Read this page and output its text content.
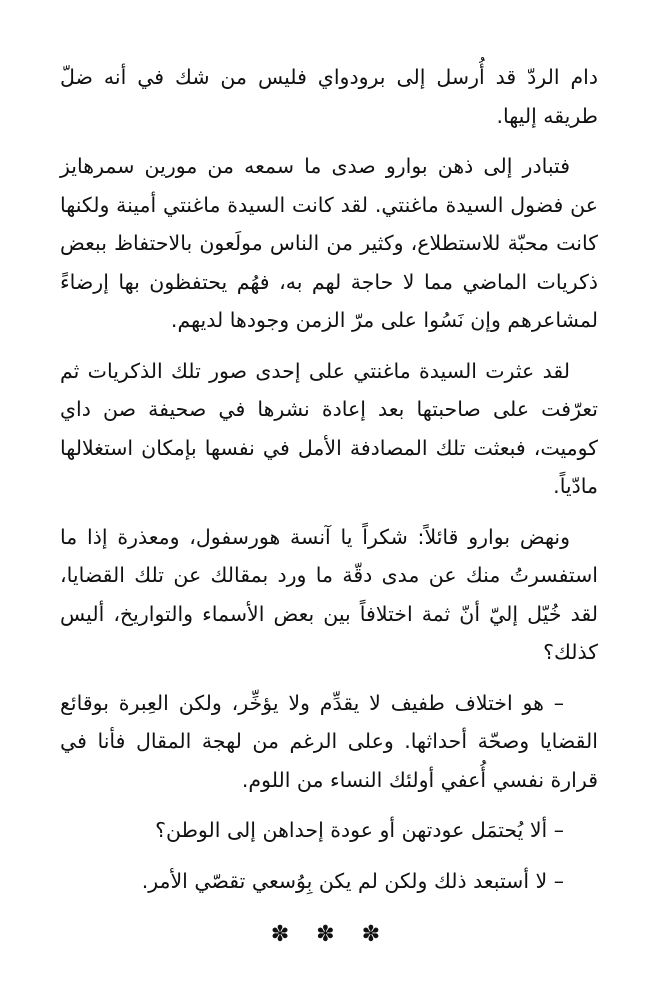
دام الردّ قد أُرسل إلى برودواي فليس من شك في أنه ضلّ طريقه إليها.

فتبادر إلى ذهن بوارو صدى ما سمعه من مورين سمرهايز عن فضول السيدة ماغنتي. لقد كانت السيدة ماغنتي أمينة ولكنها كانت محبّة للاستطلاع، وكثير من الناس مولَعون بالاحتفاظ ببعض ذكريات الماضي مما لا حاجة لهم به، فهُم يحتفظون بها إرضاءً لمشاعرهم وإن نَسُوا على مرّ الزمن وجودها لديهم.

لقد عثرت السيدة ماغنتي على إحدى صور تلك الذكريات ثم تعرّفت على صاحبتها بعد إعادة نشرها في صحيفة صن داي كوميت، فبعثت تلك المصادفة الأمل في نفسها بإمكان استغلالها مادّياً.

ونهض بوارو قائلاً: شكراً يا آنسة هورسفول، ومعذرة إذا ما استفسرتُ منك عن مدى دقّة ما ورد بمقالك عن تلك القضايا، لقد خُيّل إليّ أنّ ثمة اختلافاً بين بعض الأسماء والتواريخ، أليس كذلك؟

– هو اختلاف طفيف لا يقدِّم ولا يؤخِّر، ولكن العِبرة بوقائع القضايا وصحّة أحداثها. وعلى الرغم من لهجة المقال فأنا في قرارة نفسي أُعفي أولئك النساء من اللوم.

– ألا يُحتمَل عودتهن أو عودة إحداهن إلى الوطن؟

– لا أستبعد ذلك ولكن لم يكن بِوُسعي تقصّي الأمر.

✽ ✽ ✽
